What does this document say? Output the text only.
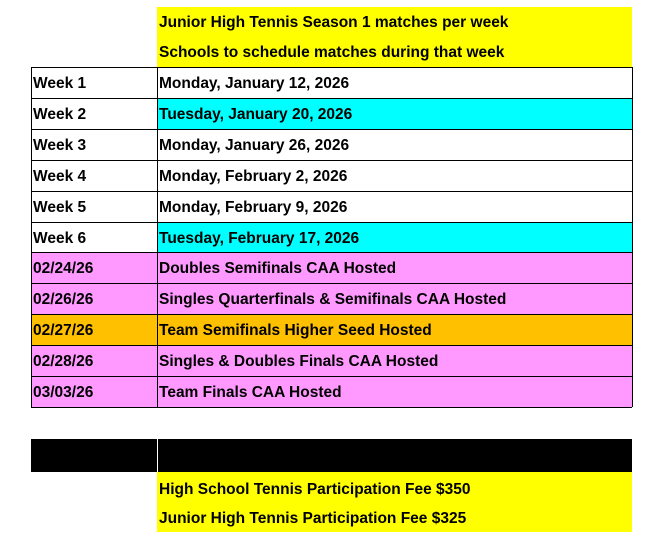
Junior High Tennis Season 1 matches per week
Schools to schedule matches during that week
Week 1	Monday, January 12, 2026
Week 2	Tuesday, January 20, 2026
Week 3	Monday, January 26, 2026
Week 4	Monday, February 2, 2026
Week 5	Monday, February 9, 2026
Week 6	Tuesday, February 17, 2026
02/24/26	Doubles Semifinals CAA Hosted
02/26/26	Singles Quarterfinals & Semifinals CAA Hosted
02/27/26	Team Semifinals Higher Seed Hosted
02/28/26	Singles & Doubles Finals CAA Hosted
03/03/26	Team Finals CAA Hosted
High School Tennis Participation Fee $350
Junior High Tennis Participation Fee $325
